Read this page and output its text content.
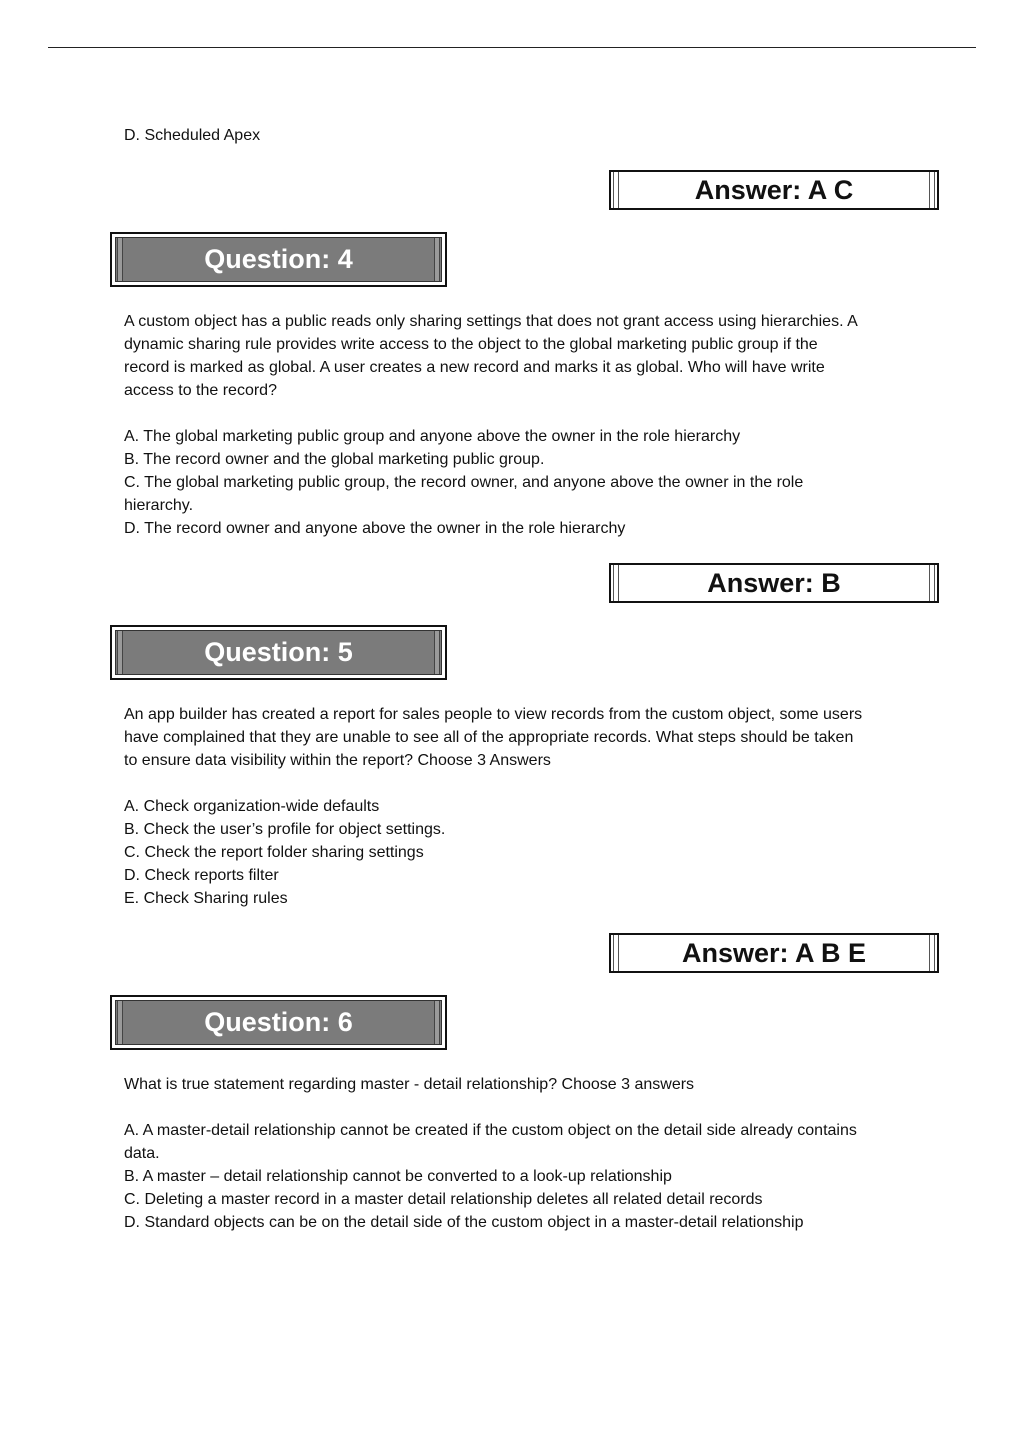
D. Scheduled Apex
Answer: A C
Question: 4
A custom object has a public reads only sharing settings that does not grant access using hierarchies. A
dynamic sharing rule provides write access to the object to the global marketing public group if the
record is marked as global. A user creates a new record and marks it as global. Who will have write
access to the record?
A. The global marketing public group and anyone above the owner in the role hierarchy
B. The record owner and the global marketing public group.
C. The global marketing public group, the record owner, and anyone above the owner in the role
hierarchy.
D. The record owner and anyone above the owner in the role hierarchy
Answer: B
Question: 5
An app builder has created a report for sales people to view records from the custom object, some users
have complained that they are unable to see all of the appropriate records. What steps should be taken
to ensure data visibility within the report? Choose 3 Answers
A. Check organization-wide defaults
B. Check the user’s profile for object settings.
C. Check the report folder sharing settings
D. Check reports filter
E. Check Sharing rules
Answer: A B E
Question: 6
What is true statement regarding master - detail relationship? Choose 3 answers
A. A master-detail relationship cannot be created if the custom object on the detail side already contains
data.
B. A master – detail relationship cannot be converted to a look-up relationship
C. Deleting a master record in a master detail relationship deletes all related detail records
D. Standard objects can be on the detail side of the custom object in a master-detail relationship
